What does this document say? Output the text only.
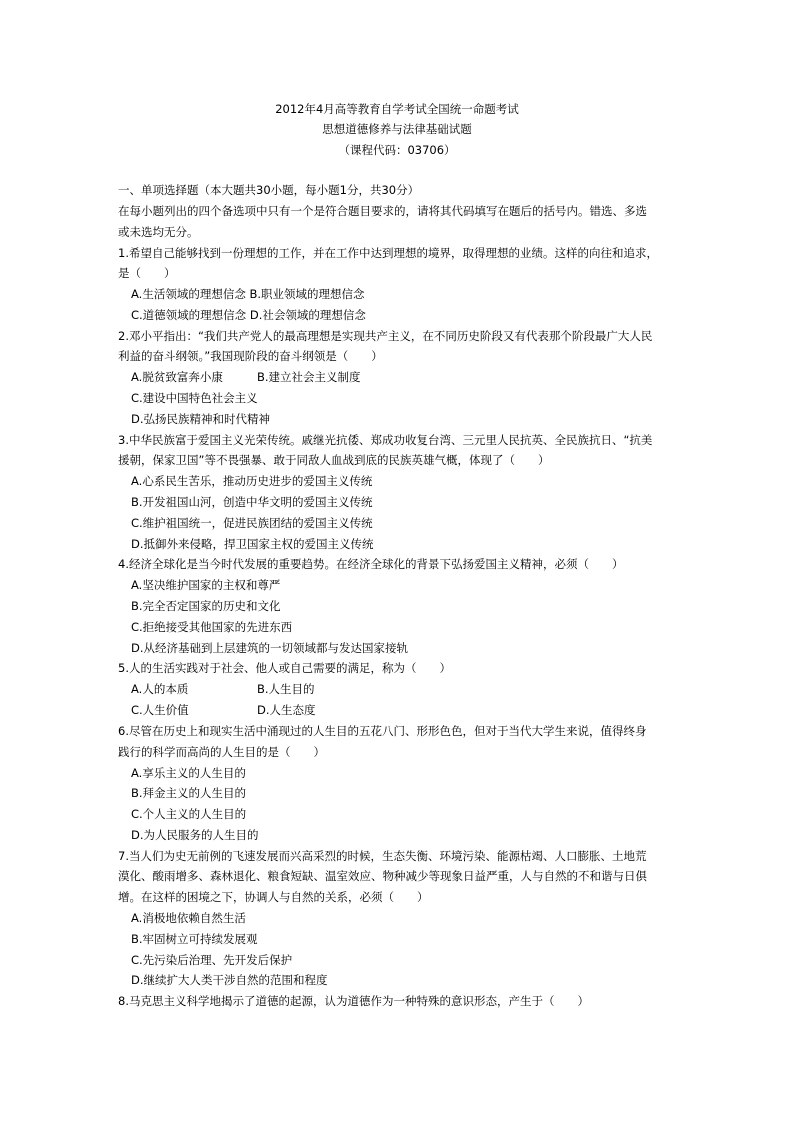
2012年4月高等教育自学考试全国统一命题考试
思想道德修养与法律基础试题
（课程代码：03706）
一、单项选择题（本大题共30小题，每小题1分，共30分）
在每小题列出的四个备选项中只有一个是符合题目要求的，请将其代码填写在题后的括号内。错选、多选
或未选均无分。
1.希望自己能够找到一份理想的工作，并在工作中达到理想的境界，取得理想的业绩。这样的向往和追求，
是（　　）
A.生活领域的理想信念 B.职业领域的理想信念
C.道德领域的理想信念 D.社会领域的理想信念
2.邓小平指出：“我们共产党人的最高理想是实现共产主义，在不同历史阶段又有代表那个阶段最广大人民
利益的奋斗纲领。”我国现阶段的奋斗纲领是（　　）
A.脱贫致富奔小康	B.建立社会主义制度
C.建设中国特色社会主义
D.弘扬民族精神和时代精神
3.中华民族富于爱国主义光荣传统。戚继光抗倭、郑成功收复台湾、三元里人民抗英、全民族抗日、“抗美
援朝，保家卫国”等不畏强暴、敢于同敌人血战到底的民族英雄气概，体现了（　　）
A.心系民生苦乐，推动历史进步的爱国主义传统
B.开发祖国山河，创造中华文明的爱国主义传统
C.维护祖国统一，促进民族团结的爱国主义传统
D.抵御外来侵略，捍卫国家主权的爱国主义传统
4.经济全球化是当今时代发展的重要趋势。在经济全球化的背景下弘扬爱国主义精神，必须（　　）
A.坚决维护国家的主权和尊严
B.完全否定国家的历史和文化
C.拒绝接受其他国家的先进东西
D.从经济基础到上层建筑的一切领域都与发达国家接轨
5.人的生活实践对于社会、他人或自己需要的满足，称为（　　）
A.人的本质	B.人生目的
C.人生价值	D.人生态度
6.尽管在历史上和现实生活中涌现过的人生目的五花八门、形形色色，但对于当代大学生来说，值得终身
践行的科学而高尚的人生目的是（　　）
A.享乐主义的人生目的
B.拜金主义的人生目的
C.个人主义的人生目的
D.为人民服务的人生目的
7.当人们为史无前例的飞速发展而兴高采烈的时候，生态失衡、环境污染、能源枯竭、人口膨胀、土地荒
漠化、酸雨增多、森林退化、粮食短缺、温室效应、物种减少等现象日益严重，人与自然的不和谐与日俱
增。在这样的困境之下，协调人与自然的关系，必须（　　）
A.消极地依赖自然生活
B.牢固树立可持续发展观
C.先污染后治理、先开发后保护
D.继续扩大人类干涉自然的范围和程度
8.马克思主义科学地揭示了道德的起源，认为道德作为一种特殊的意识形态，产生于（　　）
